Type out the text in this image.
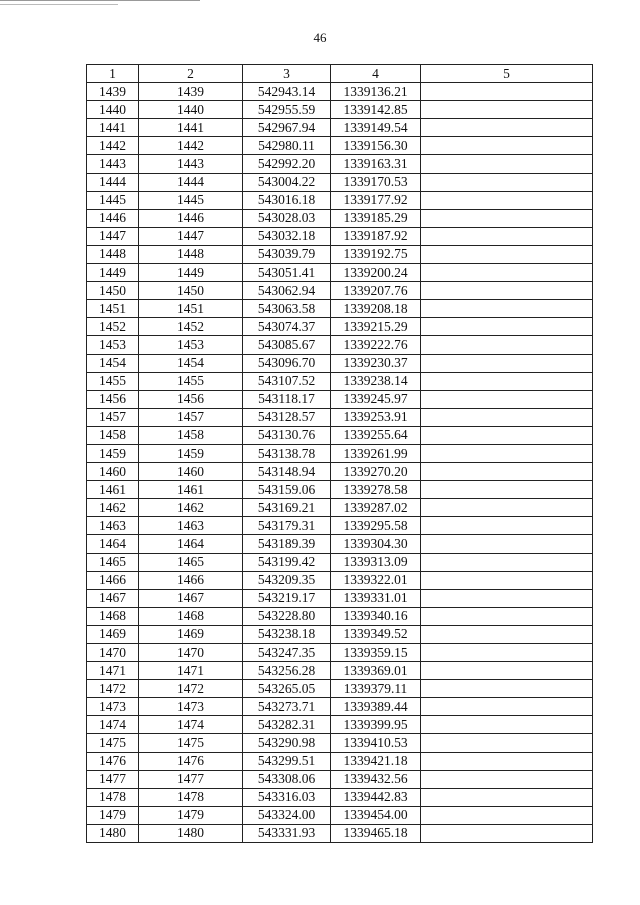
46
1	2	3	4	5
1439	1439	542943.14	1339136.21	
1440	1440	542955.59	1339142.85	
1441	1441	542967.94	1339149.54	
1442	1442	542980.11	1339156.30	
1443	1443	542992.20	1339163.31	
1444	1444	543004.22	1339170.53	
1445	1445	543016.18	1339177.92	
1446	1446	543028.03	1339185.29	
1447	1447	543032.18	1339187.92	
1448	1448	543039.79	1339192.75	
1449	1449	543051.41	1339200.24	
1450	1450	543062.94	1339207.76	
1451	1451	543063.58	1339208.18	
1452	1452	543074.37	1339215.29	
1453	1453	543085.67	1339222.76	
1454	1454	543096.70	1339230.37	
1455	1455	543107.52	1339238.14	
1456	1456	543118.17	1339245.97	
1457	1457	543128.57	1339253.91	
1458	1458	543130.76	1339255.64	
1459	1459	543138.78	1339261.99	
1460	1460	543148.94	1339270.20	
1461	1461	543159.06	1339278.58	
1462	1462	543169.21	1339287.02	
1463	1463	543179.31	1339295.58	
1464	1464	543189.39	1339304.30	
1465	1465	543199.42	1339313.09	
1466	1466	543209.35	1339322.01	
1467	1467	543219.17	1339331.01	
1468	1468	543228.80	1339340.16	
1469	1469	543238.18	1339349.52	
1470	1470	543247.35	1339359.15	
1471	1471	543256.28	1339369.01	
1472	1472	543265.05	1339379.11	
1473	1473	543273.71	1339389.44	
1474	1474	543282.31	1339399.95	
1475	1475	543290.98	1339410.53	
1476	1476	543299.51	1339421.18	
1477	1477	543308.06	1339432.56	
1478	1478	543316.03	1339442.83	
1479	1479	543324.00	1339454.00	
1480	1480	543331.93	1339465.18	
